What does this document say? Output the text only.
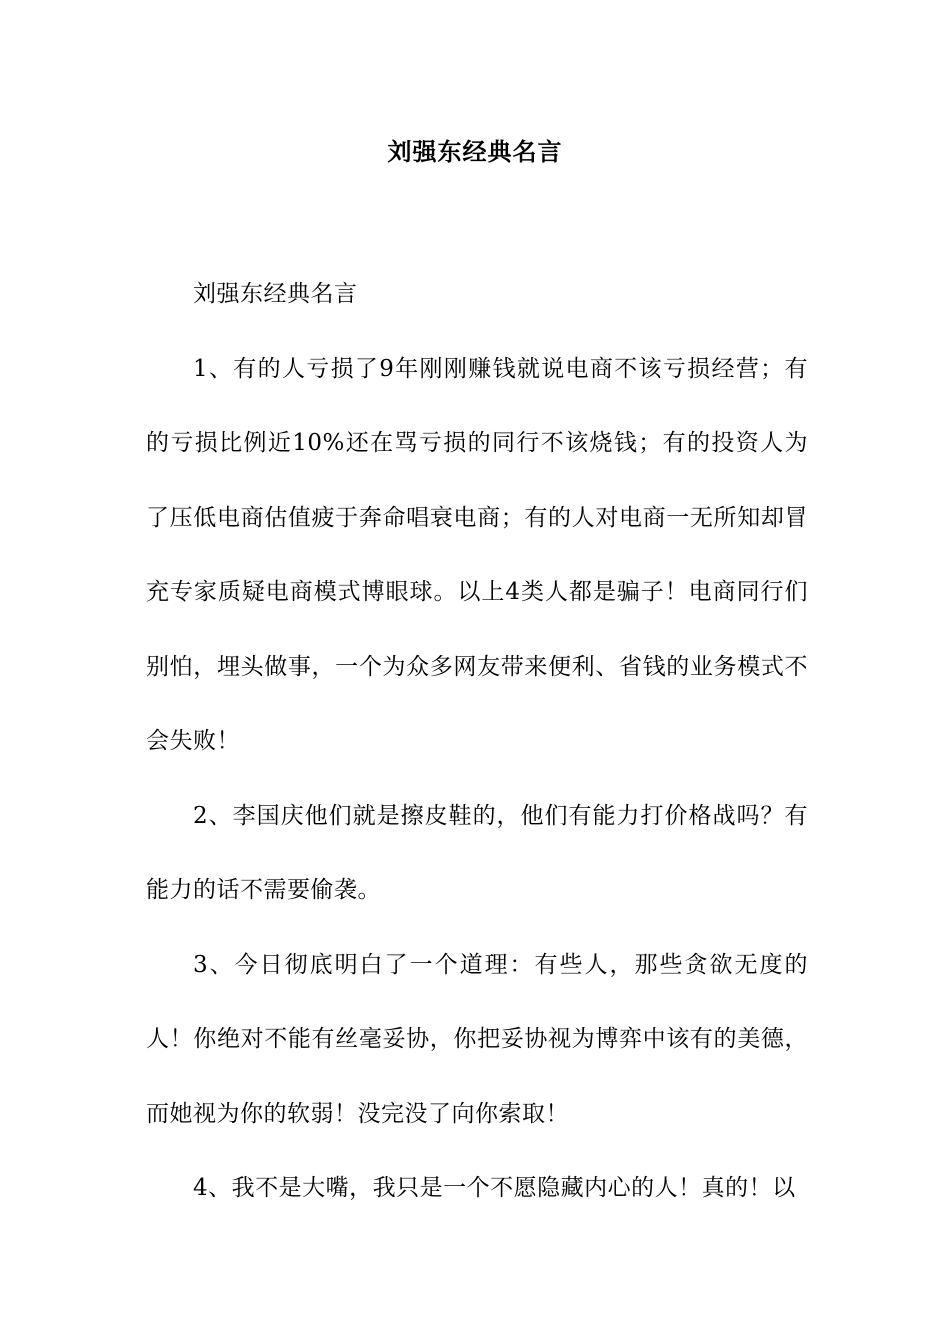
刘强东经典名言

刘强东经典名言

1、有的人亏损了9年刚刚赚钱就说电商不该亏损经营；有的亏损比例近10%还在骂亏损的同行不该烧钱；有的投资人为了压低电商估值疲于奔命唱衰电商；有的人对电商一无所知却冒充专家质疑电商模式博眼球。以上4类人都是骗子！电商同行们别怕，埋头做事，一个为众多网友带来便利、省钱的业务模式不会失败！

2、李国庆他们就是擦皮鞋的，他们有能力打价格战吗？有能力的话不需要偷袭。

3、今日彻底明白了一个道理：有些人，那些贪欲无度的人！你绝对不能有丝毫妥协，你把妥协视为博弈中该有的美德，而她视为你的软弱！没完没了向你索取！

4、我不是大嘴，我只是一个不愿隐藏内心的人！真的！以
